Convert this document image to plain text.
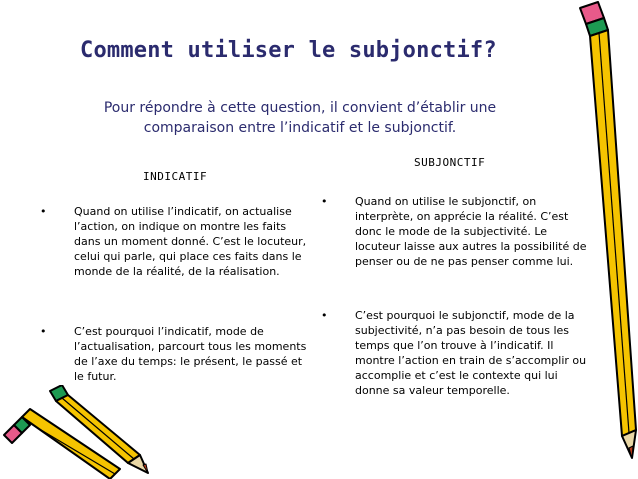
Comment utiliser le subjonctif?
Pour répondre à cette question, il convient d’établir une comparaison entre l’indicatif et le subjonctif.
INDICATIF
•	Quand on utilise l’indicatif, on actualise l’action, on indique on montre les faits dans un moment donné. C’est le locuteur, celui qui parle, qui place ces faits dans le monde de la réalité, de la réalisation.
•	C’est pourquoi l’indicatif, mode de l’actualisation, parcourt tous les moments de l’axe du temps: le présent, le passé et le futur.
SUBJONCTIF
•	Quand on utilise le subjonctif, on interprète, on apprécie la réalité. C’est donc le mode de la subjectivité. Le locuteur laisse aux autres la possibilité de penser ou de ne pas penser comme lui.
•	C’est pourquoi le subjonctif, mode de la subjectivité, n’a pas besoin de tous les temps que l’on trouve à l’indicatif. Il montre l’action en train de s’accomplir ou accomplie et c’est le contexte qui lui donne sa valeur temporelle.
